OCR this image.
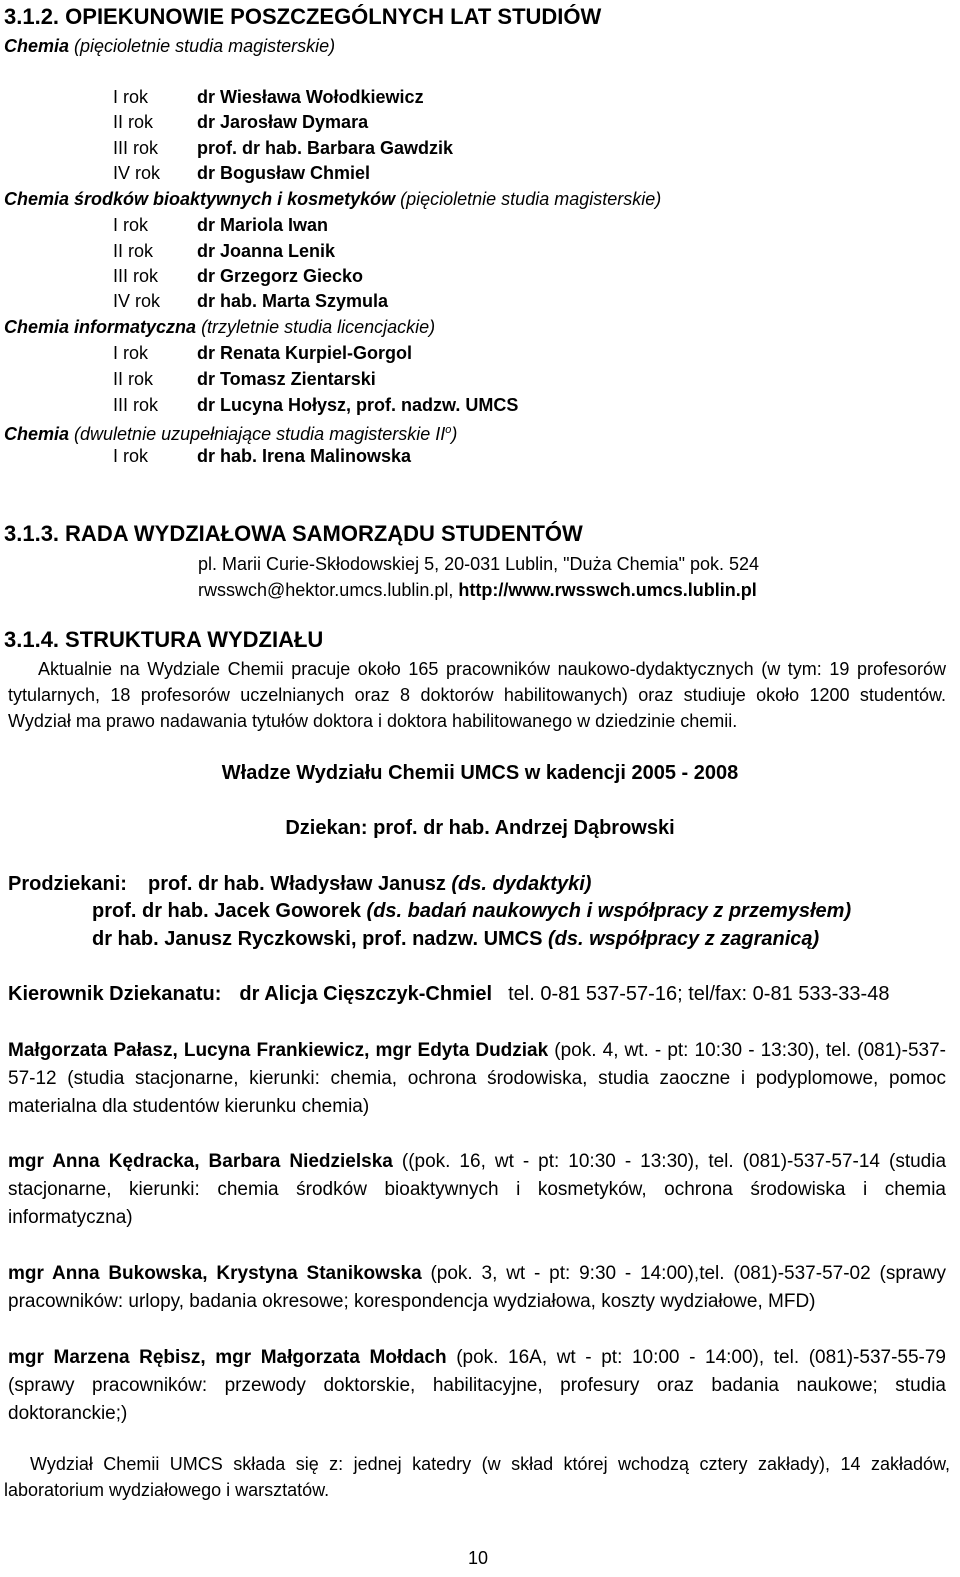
3.1.2. OPIEKUNOWIE POSZCZEGÓLNYCH LAT STUDIÓW
Chemia (pięcioletnie studia magisterskie)
I rok	dr Wiesława Wołodkiewicz
II rok dr Jarosław Dymara
III rok prof. dr hab. Barbara Gawdzik
IV rok dr Bogusław Chmiel
Chemia środków bioaktywnych i kosmetyków (pięcioletnie studia magisterskie)
I rok	dr Mariola Iwan
II rok dr Joanna Lenik
III rok dr Grzegorz Giecko
IV rok dr hab. Marta Szymula
Chemia informatyczna (trzyletnie studia licencjackie)
I rok	dr Renata Kurpiel-Gorgol
II rok dr Tomasz Zientarski
III rok dr Lucyna Hołysz, prof. nadzw. UMCS
Chemia (dwuletnie uzupełniające studia magisterskie $II^o$)
I rok	dr hab. Irena Malinowska
3.1.3. RADA WYDZIAŁOWA SAMORZĄDU STUDENTÓW
pl. Marii Curie-Skłodowskiej 5, 20-031 Lublin, "Duża Chemia" pok. 524
rwsswch@hektor.umcs.lublin.pl, http://www.rwsswch.umcs.lublin.pl
3.1.4. STRUKTURA WYDZIAŁU
Aktualnie na Wydziale Chemii pracuje około 165 pracowników naukowo-dydaktycznych (w tym: 19 profesorów tytularnych, 18 profesorów uczelnianych oraz 8 doktorów habilitowanych) oraz studiuje około 1200 studentów. Wydział ma prawo nadawania tytułów doktora i doktora habilitowanego w dziedzinie chemii.
Władze Wydziału Chemii UMCS w kadencji 2005 - 2008
Dziekan: prof. dr hab. Andrzej Dąbrowski
Prodziekani: prof. dr hab. Władysław Janusz (ds. dydaktyki)
prof. dr hab. Jacek Goworek (ds. badań naukowych i współpracy z przemysłem)
dr hab. Janusz Ryczkowski, prof. nadzw. UMCS (ds. współpracy z zagranicą)
Kierownik Dziekanatu: dr Alicja Cięszczyk-Chmiel tel. 0-81 537-57-16; tel/fax: 0-81 533-33-48
Małgorzata Pałasz, Lucyna Frankiewicz, mgr Edyta Dudziak (pok. 4, wt. - pt: 10:30 - 13:30), tel. (081)-537-57-12 (studia stacjonarne, kierunki: chemia, ochrona środowiska, studia zaoczne i podyplomowe, pomoc materialna dla studentów kierunku chemia)
mgr Anna Kędracka, Barbara Niedzielska ((pok. 16, wt - pt: 10:30 - 13:30), tel. (081)-537-57-14 (studia stacjonarne, kierunki: chemia środków bioaktywnych i kosmetyków, ochrona środowiska i chemia informatyczna)
mgr Anna Bukowska, Krystyna Stanikowska (pok. 3, wt - pt: 9:30 - 14:00),tel. (081)-537-57-02 (sprawy pracowników: urlopy, badania okresowe; korespondencja wydziałowa, koszty wydziałowe, MFD)
mgr Marzena Rębisz, mgr Małgorzata Mołdach (pok. 16A, wt - pt: 10:00 - 14:00), tel. (081)-537-55-79 (sprawy pracowników: przewody doktorskie, habilitacyjne, profesury oraz badania naukowe; studia doktoranckie;)
Wydział Chemii UMCS składa się z: jednej katedry (w skład której wchodzą cztery zakłady), 14 zakładów, laboratorium wydziałowego i warsztatów.
10
